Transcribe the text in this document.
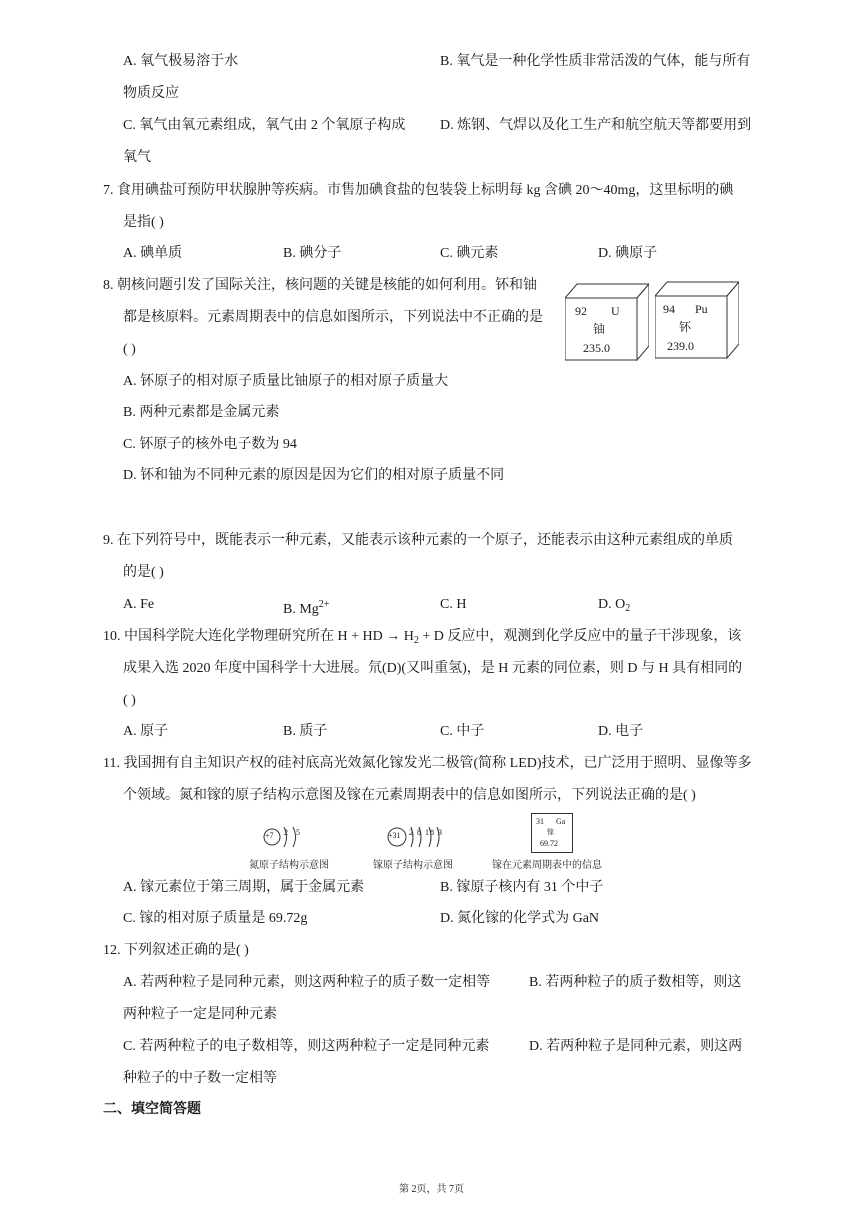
A. 氧气极易溶于水	B. 氧气是一种化学性质非常活泼的气体，能与所有
物质反应
C. 氧气由氧元素组成，氧气由 2 个氧原子构成 D. 炼钢、气焊以及化工生产和航空航天等都要用到
氧气
7. 食用碘盐可预防甲状腺肿等疾病。市售加碘食盐的包装袋上标明每 kg 含碘 20～40mg，这里标明的碘
是指( )
A. 碘单质	B. 碘分子	C. 碘元素	D. 碘原子
8. 朝核问题引发了国际关注，核问题的关键是核能的如何利用。钚和铀
都是核原料。元素周期表中的信息如图所示，下列说法中不正确的是
( )
A. 钚原子的相对原子质量比铀原子的相对原子质量大
B. 两种元素都是金属元素
C. 钚原子的核外电子数为 94
D. 钚和铀为不同种元素的原因是因为它们的相对原子质量不同
92 U
铀
235.0
94 Pu
钚
239.0
9. 在下列符号中，既能表示一种元素，又能表示该种元素的一个原子，还能表示由这种元素组成的单质
的是( )
A. Fe	B. $Mg^{2+}$	C. H	D. $O_2$
10. 中国科学院大连化学物理研究所在 H + HD → $H_2 + D$ 反应中，观测到化学反应中的量子干涉现象，该
成果入选 2020 年度中国科学十大进展。氘(D)(又叫重氢)，是 H 元素的同位素，则 D 与 H 具有相同的
( )
A. 原子	B. 质子	C. 中子	D. 电子
11. 我国拥有自主知识产权的硅衬底高光效氮化镓发光二极管(简称 LED)技术，已广泛用于照明、显像等多
个领域。氮和镓的原子结构示意图及镓在元素周期表中的信息如图所示，下列说法正确的是( )
+7 2 5
氮原子结构示意图
+31 2 8 18 3
镓原子结构示意图
31 Ga
镓
69.72
镓在元素周期表中的信息
A. 镓元素位于第三周期，属于金属元素	B. 镓原子核内有 31 个中子
C. 镓的相对原子质量是 69.72g	D. 氮化镓的化学式为 GaN
12. 下列叙述正确的是( )
A. 若两种粒子是同种元素，则这两种粒子的质子数一定相等	B. 若两种粒子的质子数相等，则这
两种粒子一定是同种元素
C. 若两种粒子的电子数相等，则这两种粒子一定是同种元素	D. 若两种粒子是同种元素，则这两
种粒子的中子数一定相等
二、填空简答题
第 2页，共 7页
